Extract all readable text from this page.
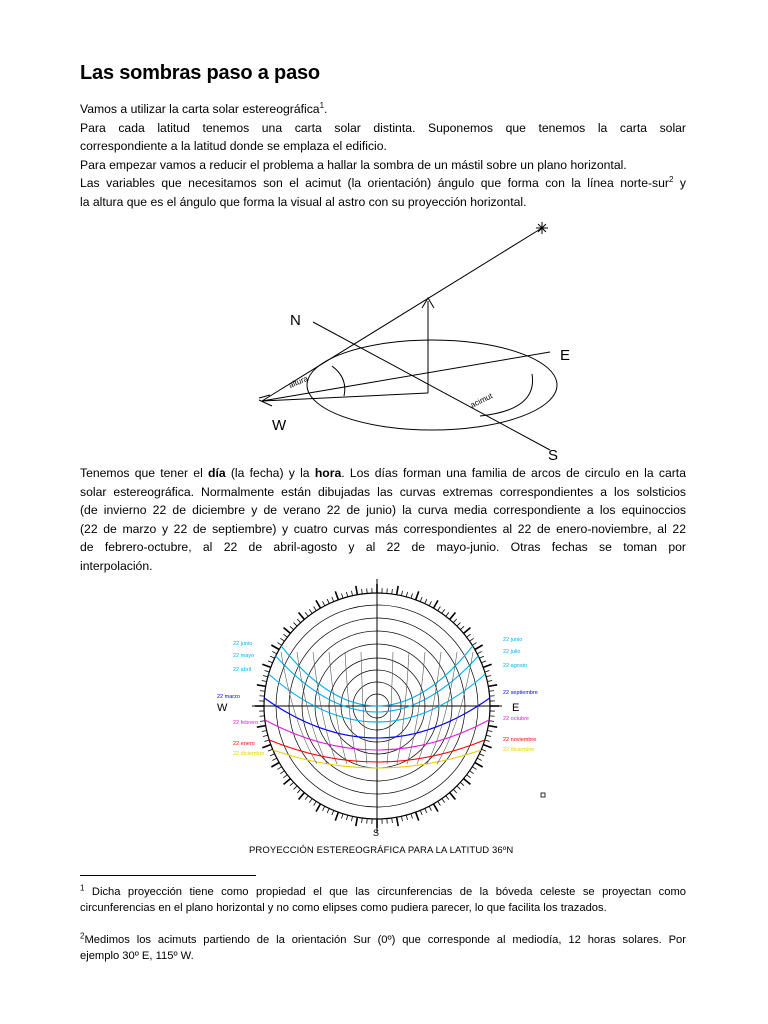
Las sombras paso a paso
Vamos a utilizar la carta solar estereográfica$^1$.
Para cada latitud tenemos una carta solar distinta. Suponemos que tenemos la carta solar
correspondiente a la latitud donde se emplaza el edificio.
Para empezar vamos a reducir el problema a hallar la sombra de un mástil sobre un plano horizontal.
Las variables que necesitamos son el acimut (la orientación) ángulo que forma con la línea norte-sur$^2$ y
la altura que es el ángulo que forma la visual al astro con su proyección horizontal.
N
E
W
S
altura
acimut
Tenemos que tener el día (la fecha) y la hora. Los días forman una familia de arcos de circulo en la carta
solar estereográfica. Normalmente están dibujadas las curvas extremas correspondientes a los solsticios
(de invierno 22 de diciembre y de verano 22 de junio) la curva media correspondiente a los equinoccios
(22 de marzo y 22 de septiembre) y cuatro curvas más correspondientes al 22 de enero-noviembre, al 22
de febrero-octubre, al 22 de abril-agosto y al 22 de mayo-junio. Otras fechas se toman por
interpolación.
22 junio
22 mayo
22 abril
22 marzo
22 febrero
22 enero
22 diciembre
22 junio
22 julio
22 agosto
22 septiembre
22 octubre
22 noviembre
22 diciembre
W	E
S
PROYECCIÓN ESTEREOGRÁFICA PARA LA LATITUD 36ºN
$^1$ Dicha proyección tiene como propiedad el que las circunferencias de la bóveda celeste se proyectan como
circunferencias en el plano horizontal y no como elipses como pudiera parecer, lo que facilita los trazados.
$^2$Medimos los acimuts partiendo de la orientación Sur (0º) que corresponde al mediodía, 12 horas solares. Por
ejemplo 30º E, 115º W.
